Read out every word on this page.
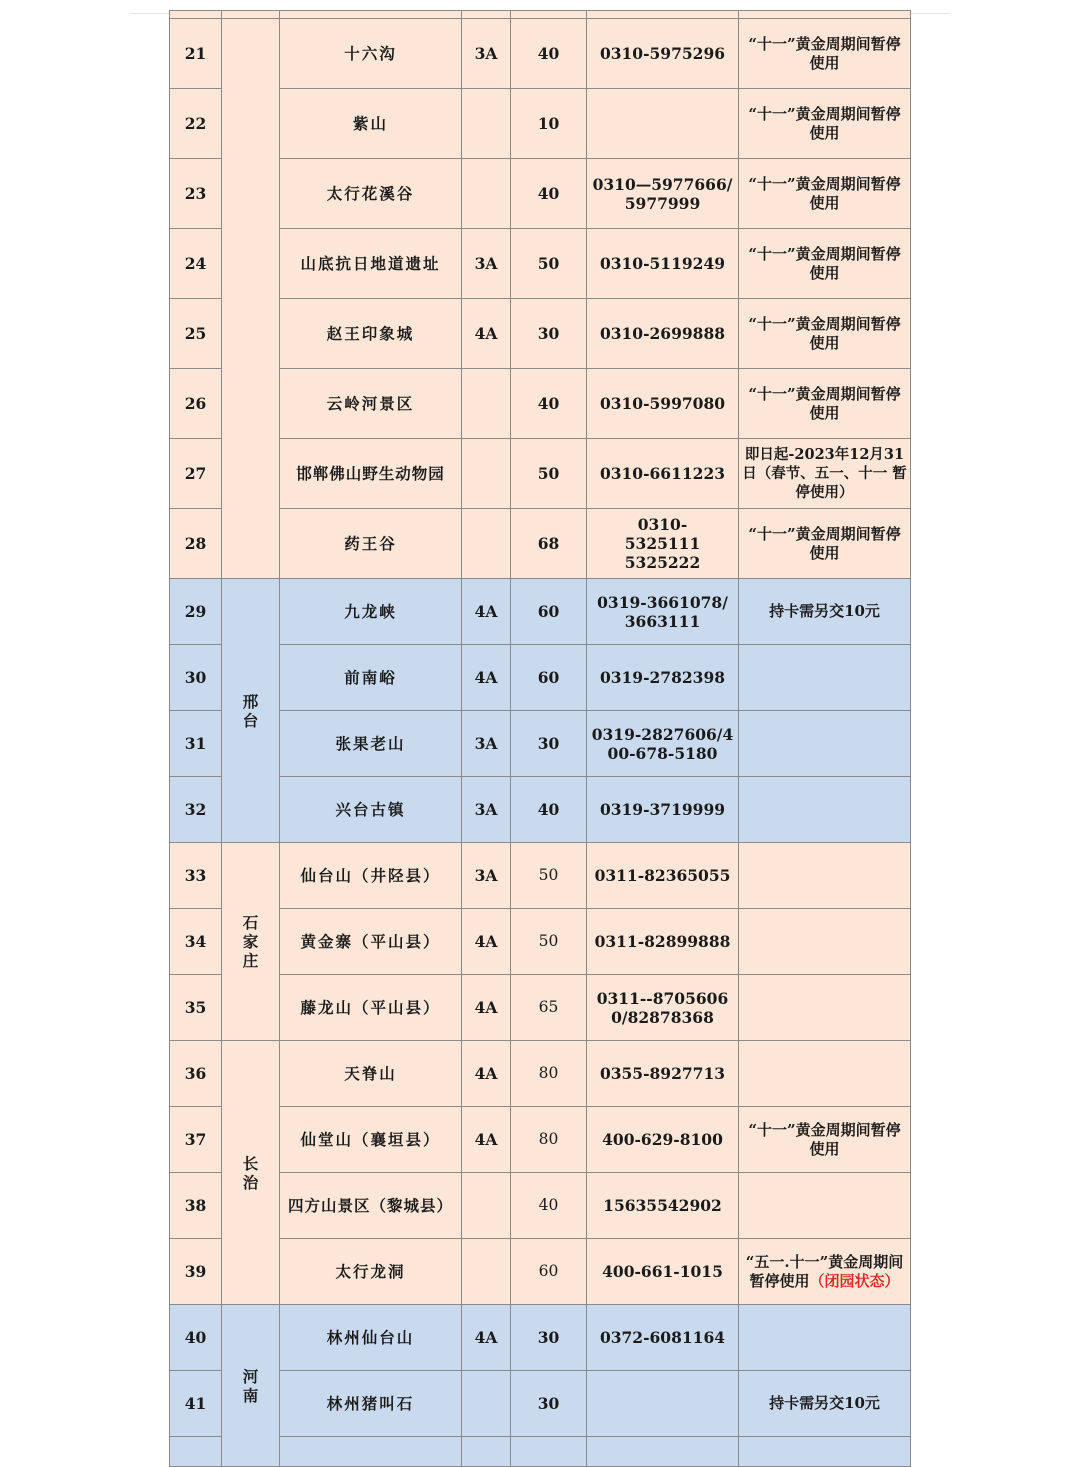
21		十六沟	3A	40	0310-5975296	“十一”黄金周期间暂停使用
22		紫山		10		“十一”黄金周期间暂停使用
23		太行花溪谷		40	0310—5977666/5977999	“十一”黄金周期间暂停使用
24		山底抗日地道遗址	3A	50	0310-5119249	“十一”黄金周期间暂停使用
25		赵王印象城	4A	30	0310-2699888	“十一”黄金周期间暂停使用
26		云岭河景区		40	0310-5997080	“十一”黄金周期间暂停使用
27		邯郸佛山野生动物园		50	0310-6611223	即日起-2023年12月31日（春节、五一、十一 暂停使用）
28		药王谷		68	0310-5325111 5325222	“十一”黄金周期间暂停使用
29	邢台	九龙峡	4A	60	0319-3661078/3663111	持卡需另交10元
30		前南峪	4A	60	0319-2782398	
31		张果老山	3A	30	0319-2827606/400-678-5180	
32		兴台古镇	3A	40	0319-3719999	
33	石家庄	仙台山（井陉县）	3A	50	0311-82365055	
34		黄金寨（平山县）	4A	50	0311-82899888	
35		藤龙山（平山县）	4A	65	0311--87056060/82878368	
36	长治	天脊山	4A	80	0355-8927713	
37		仙堂山（襄垣县）	4A	80	400-629-8100	“十一”黄金周期间暂停使用
38		四方山景区（黎城县）		40	15635542902	
39		太行龙洞		60	400-661-1015	“五一.十一”黄金周期间暂停使用（闭园状态）
40	河南	林州仙台山	4A	30	0372-6081164	
41		林州猪叫石		30		持卡需另交10元
